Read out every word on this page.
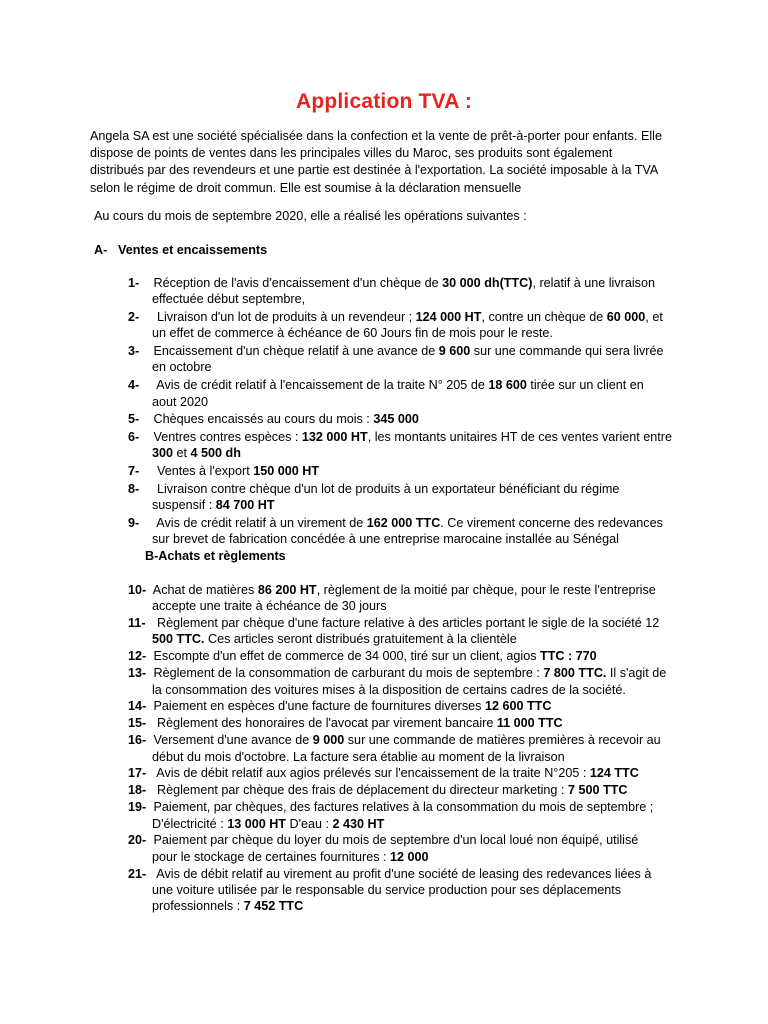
Application TVA :
Angela SA est une société spécialisée dans la confection et la vente de prêt-à-porter pour enfants. Elle
dispose de points de ventes dans les principales villes du Maroc, ses produits sont également
distribués par des revendeurs et une partie est destinée à l'exportation. La société imposable à la TVA
selon le régime de droit commun. Elle est soumise à la déclaration mensuelle
Au cours du mois de septembre 2020, elle a réalisé les opérations suivantes :
A- Ventes et encaissements
1- Réception de l'avis d'encaissement d'un chèque de 30 000 dh(TTC), relatif à une livraison
effectuée début septembre,
2- Livraison d'un lot de produits à un revendeur ; 124 000 HT, contre un chèque de 60 000, et
un effet de commerce à échéance de 60 Jours fin de mois pour le reste.
3- Encaissement d'un chèque relatif à une avance de 9 600 sur une commande qui sera livrée
en octobre
4- Avis de crédit relatif à l'encaissement de la traite N° 205 de 18 600 tirée sur un client en
aout 2020
5- Chèques encaissés au cours du mois : 345 000
6- Ventres contres espèces : 132 000 HT, les montants unitaires HT de ces ventes varient entre
300 et 4 500 dh
7- Ventes à l'export 150 000 HT
8- Livraison contre chèque d'un lot de produits à un exportateur bénéficiant du régime
suspensif : 84 700 HT
9- Avis de crédit relatif à un virement de 162 000 TTC. Ce virement concerne des redevances
sur brevet de fabrication concédée à une entreprise marocaine installée au Sénégal
B-Achats et règlements
10- Achat de matières 86 200 HT, règlement de la moitié par chèque, pour le reste l'entreprise
accepte une traite à échéance de 30 jours
11- Règlement par chèque d'une facture relative à des articles portant le sigle de la société 12
500 TTC. Ces articles seront distribués gratuitement à la clientèle
12- Escompte d'un effet de commerce de 34 000, tiré sur un client, agios TTC : 770
13- Règlement de la consommation de carburant du mois de septembre : 7 800 TTC. Il s'agit de
la consommation des voitures mises à la disposition de certains cadres de la société.
14- Paiement en espèces d'une facture de fournitures diverses 12 600 TTC
15- Règlement des honoraires de l'avocat par virement bancaire 11 000 TTC
16- Versement d'une avance de 9 000 sur une commande de matières premières à recevoir au
début du mois d'octobre. La facture sera établie au moment de la livraison
17- Avis de débit relatif aux agios prélevés sur l'encaissement de la traite N°205 : 124 TTC
18- Règlement par chèque des frais de déplacement du directeur marketing : 7 500 TTC
19- Paiement, par chèques, des factures relatives à la consommation du mois de septembre ;
D'électricité : 13 000 HT D'eau : 2 430 HT
20- Paiement par chèque du loyer du mois de septembre d'un local loué non équipé, utilisé
pour le stockage de certaines fournitures : 12 000
21- Avis de débit relatif au virement au profit d'une société de leasing des redevances liées à
une voiture utilisée par le responsable du service production pour ses déplacements
professionnels : 7 452 TTC
